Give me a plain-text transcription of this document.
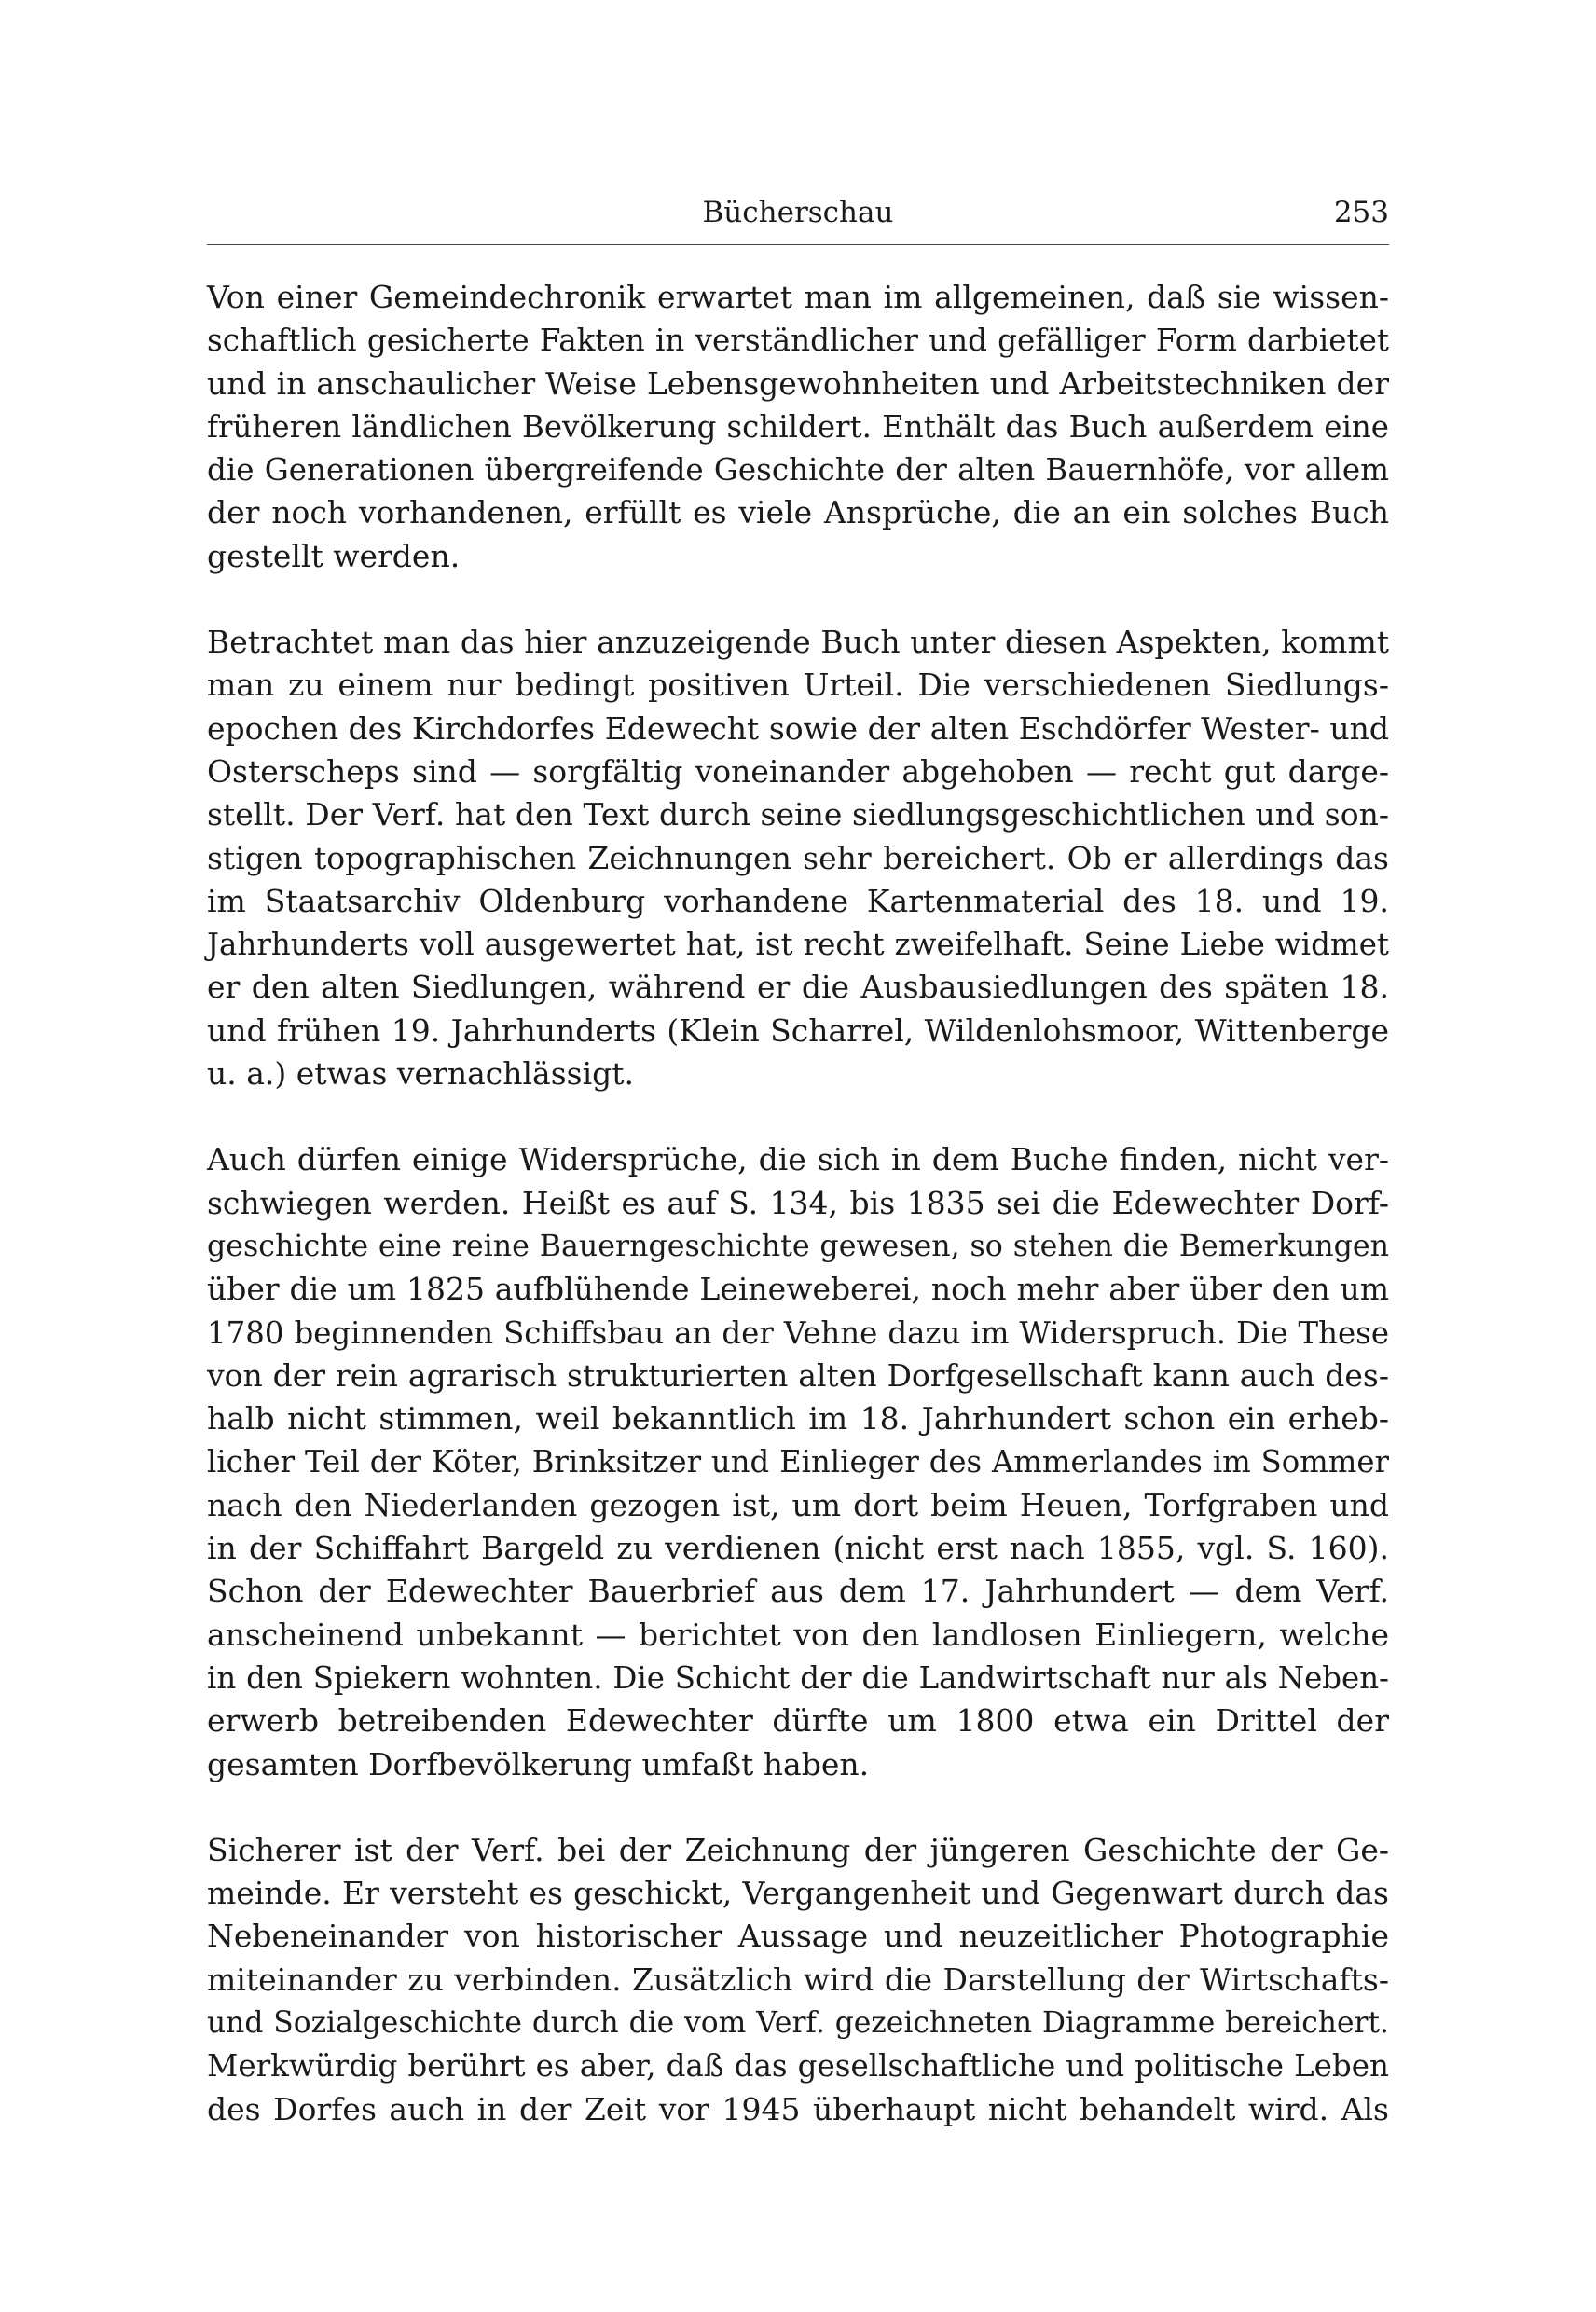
Bücherschau	253

Von einer Gemeindechronik erwartet man im allgemeinen, daß sie wissen-
schaftlich gesicherte Fakten in verständlicher und gefälliger Form darbietet
und in anschaulicher Weise Lebensgewohnheiten und Arbeitstechniken der
früheren ländlichen Bevölkerung schildert. Enthält das Buch außerdem eine
die Generationen übergreifende Geschichte der alten Bauernhöfe, vor allem
der noch vorhandenen, erfüllt es viele Ansprüche, die an ein solches Buch
gestellt werden.

Betrachtet man das hier anzuzeigende Buch unter diesen Aspekten, kommt
man zu einem nur bedingt positiven Urteil. Die verschiedenen Siedlungs-
epochen des Kirchdorfes Edewecht sowie der alten Eschdörfer Wester- und
Osterscheps sind — sorgfältig voneinander abgehoben — recht gut darge-
stellt. Der Verf. hat den Text durch seine siedlungsgeschichtlichen und son-
stigen topographischen Zeichnungen sehr bereichert. Ob er allerdings das
im Staatsarchiv Oldenburg vorhandene Kartenmaterial des 18. und 19.
Jahrhunderts voll ausgewertet hat, ist recht zweifelhaft. Seine Liebe widmet
er den alten Siedlungen, während er die Ausbausiedlungen des späten 18.
und frühen 19. Jahrhunderts (Klein Scharrel, Wildenlohsmoor, Wittenberge
u. a.) etwas vernachlässigt.

Auch dürfen einige Widersprüche, die sich in dem Buche finden, nicht ver-
schwiegen werden. Heißt es auf S. 134, bis 1835 sei die Edewechter Dorf-
geschichte eine reine Bauerngeschichte gewesen, so stehen die Bemerkungen
über die um 1825 aufblühende Leineweberei, noch mehr aber über den um
1780 beginnenden Schiffsbau an der Vehne dazu im Widerspruch. Die These
von der rein agrarisch strukturierten alten Dorfgesellschaft kann auch des-
halb nicht stimmen, weil bekanntlich im 18. Jahrhundert schon ein erheb-
licher Teil der Köter, Brinksitzer und Einlieger des Ammerlandes im Sommer
nach den Niederlanden gezogen ist, um dort beim Heuen, Torfgraben und
in der Schiffahrt Bargeld zu verdienen (nicht erst nach 1855, vgl. S. 160).
Schon der Edewechter Bauerbrief aus dem 17. Jahrhundert — dem Verf.
anscheinend unbekannt — berichtet von den landlosen Einliegern, welche
in den Spiekern wohnten. Die Schicht der die Landwirtschaft nur als Neben-
erwerb betreibenden Edewechter dürfte um 1800 etwa ein Drittel der
gesamten Dorfbevölkerung umfaßt haben.

Sicherer ist der Verf. bei der Zeichnung der jüngeren Geschichte der Ge-
meinde. Er versteht es geschickt, Vergangenheit und Gegenwart durch das
Nebeneinander von historischer Aussage und neuzeitlicher Photographie
miteinander zu verbinden. Zusätzlich wird die Darstellung der Wirtschafts-
und Sozialgeschichte durch die vom Verf. gezeichneten Diagramme bereichert.
Merkwürdig berührt es aber, daß das gesellschaftliche und politische Leben
des Dorfes auch in der Zeit vor 1945 überhaupt nicht behandelt wird. Als
